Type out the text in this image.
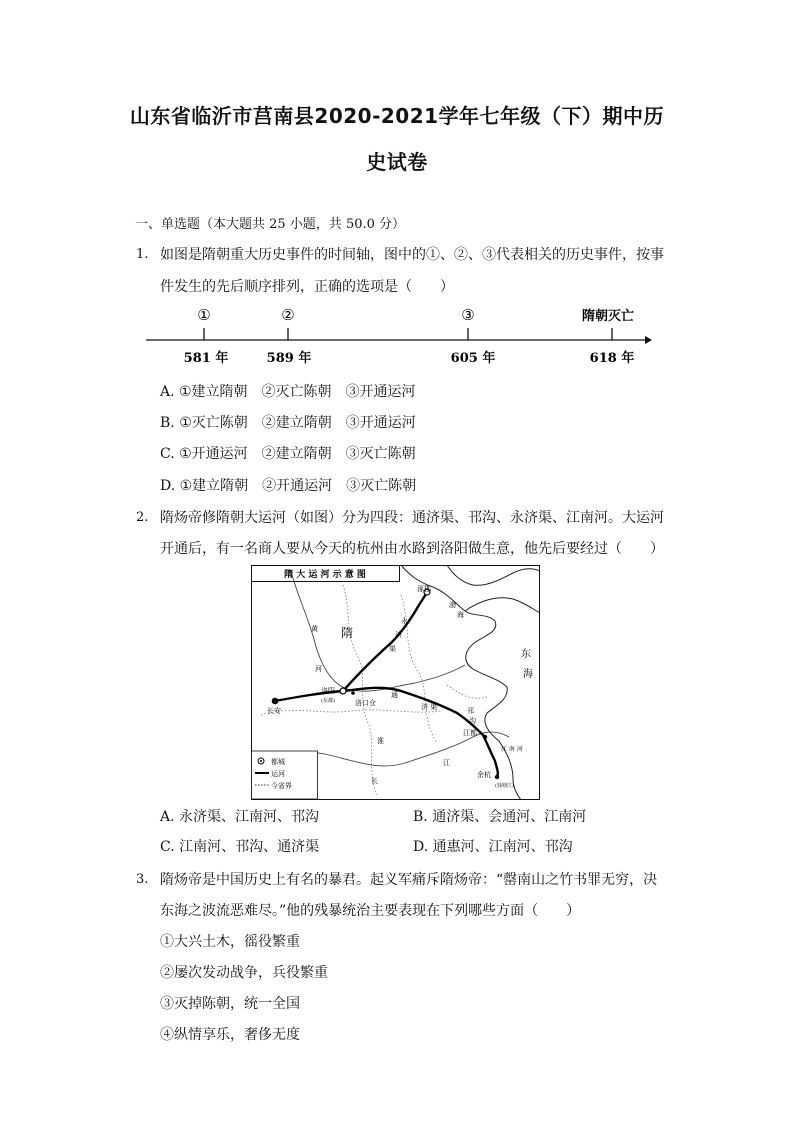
山东省临沂市莒南县2020-2021学年七年级（下）期中历
史试卷
一、单选题（本大题共 25 小题，共 50.0 分）
1. 如图是隋朝重大历史事件的时间轴，图中的①、②、③代表相关的历史事件，按事
件发生的先后顺序排列，正确的选项是（　　）
①	②	③	隋朝灭亡
581 年	589 年	605 年	618 年
A. ①建立隋朝　②灭亡陈朝　③开通运河
B. ①灭亡陈朝　②建立隋朝　③开通运河
C. ①开通运河　②建立隋朝　③灭亡陈朝
D. ①建立隋朝　②开通运河　③灭亡陈朝
2. 隋炀帝修隋朝大运河（如图）分为四段：通济渠、邗沟、永济渠、江南河。大运河
开通后，有一名商人要从今天的杭州由水路到洛阳做生意，他先后要经过（　　）
隋 大 运 河 示 意 图
涿郡
隋
黄
河
永
济
渠
渤
海
东
海
洛阳
(东都)	洛口仓
长安
通
济 渠	邗
沟
江都
江 南 河
余杭
(钱塘江)
长
江
淮
都城
运河
今省界
A. 永济渠、江南河、邗沟	B. 通济渠、会通河、江南河
C. 江南河、邗沟、通济渠	D. 通惠河、江南河、邗沟
3. 隋炀帝是中国历史上有名的暴君。起义军痛斥隋炀帝：“罄南山之竹书罪无穷，决
东海之波流恶难尽。”他的残暴统治主要表现在下列哪些方面（　　）
①大兴土木，徭役繁重
②屡次发动战争，兵役繁重
③灭掉陈朝，统一全国
④纵情享乐，奢侈无度
